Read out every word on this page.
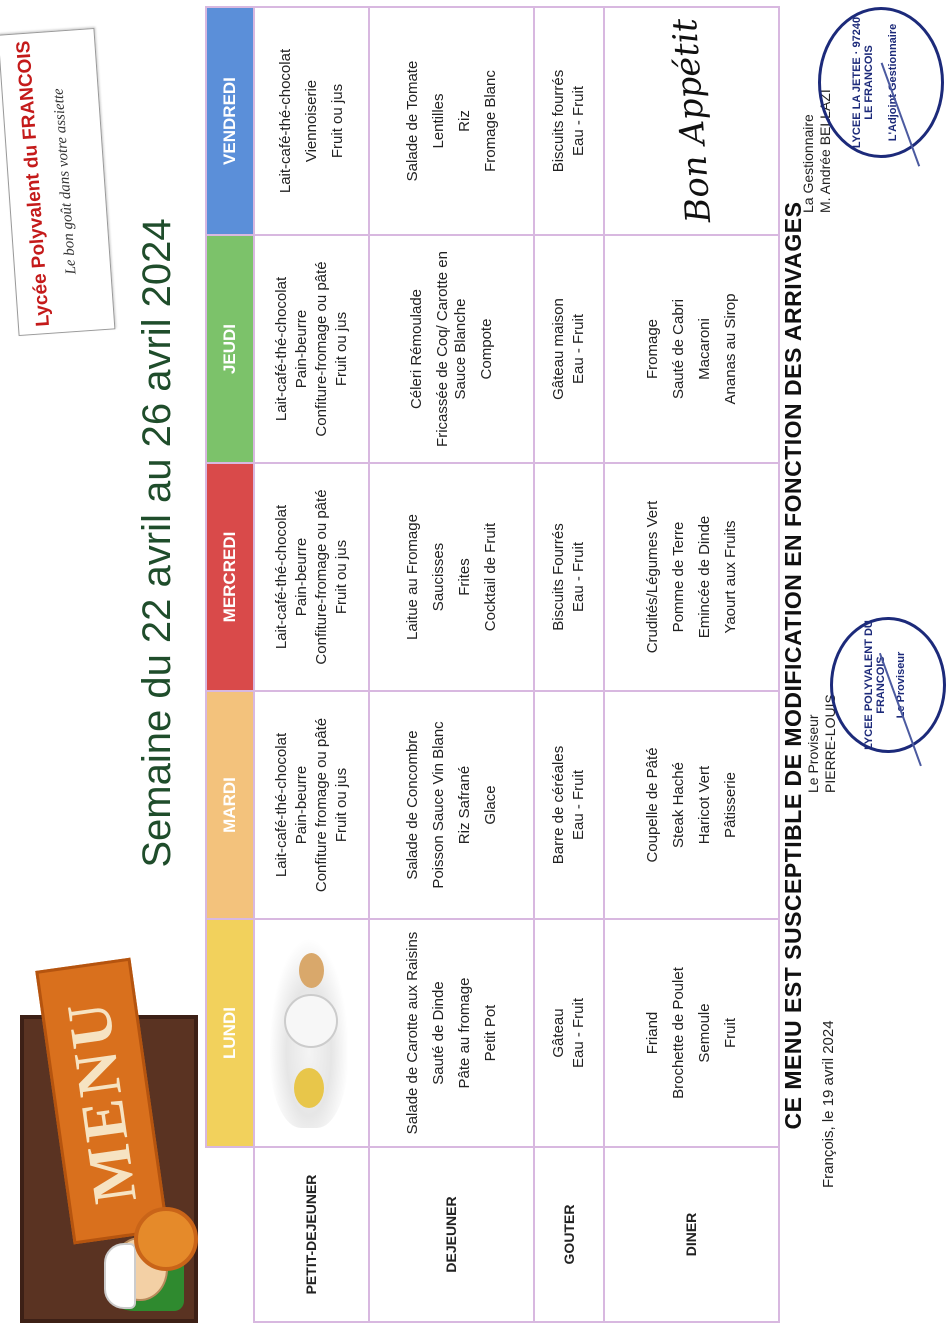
MENU
Lycée Polyvalent du FRANCOIS
Le bon goût dans votre assiette
Semaine du 22 avril au 26 avril 2024
	LUNDI	MARDI	MERCREDI	JEUDI	VENDREDI
PETIT-DEJEUNER		Lait-café-thé-chocolat Pain-beurre Confiture fromage ou pâté Fruit ou jus	Lait-café-thé-chocolat Pain-beurre Confiture-fromage ou pâté Fruit ou jus	Lait-café-thé-chocolat Pain-beurre Confiture-fromage ou pâté Fruit ou jus	Lait-café-thé-chocolat Viennoiserie Fruit ou jus

DEJEUNER	Salade de Carotte aux Raisins Sauté de Dinde Pâte au fromage Petit Pot	Salade de Concombre Poisson Sauce Vin Blanc Riz Safrané Glace	Laitue au Fromage Saucisses Frites Cocktail de Fruit	Céleri Rémoulade Fricassée de Coq/ Carotte en Sauce Blanche Compote	Salade de Tomate Lentilles Riz Fromage Blanc

GOUTER	Gâteau Eau - Fruit	Barre de céréales Eau - Fruit	Biscuits Fourrés Eau - Fruit	Gâteau maison Eau - Fruit	Biscuits fourrés Eau - Fruit

DINER	Friand Brochette de Poulet Semoule Fruit	Coupelle de Pâté Steak Haché Haricot Vert Pâtisserie	Crudités/Légumes Vert Pomme de Terre Emincée de Dinde Yaourt aux Fruits	Fromage Sauté de Cabri Macaroni Ananas au Sirop	Bon Appétit
CE MENU EST SUSCEPTIBLE DE MODIFICATION EN FONCTION DES ARRIVAGES François, le 19 avril 2024
Le Proviseur PIERRE-LOUIS LYCEE POLYVALENT DU FRANCOIS Le Proviseur
La Gestionnaire M. Andrée BELLAZI
LYCEE LA JETEE · 97240 LE FRANCOIS L'Adjoint Gestionnaire
